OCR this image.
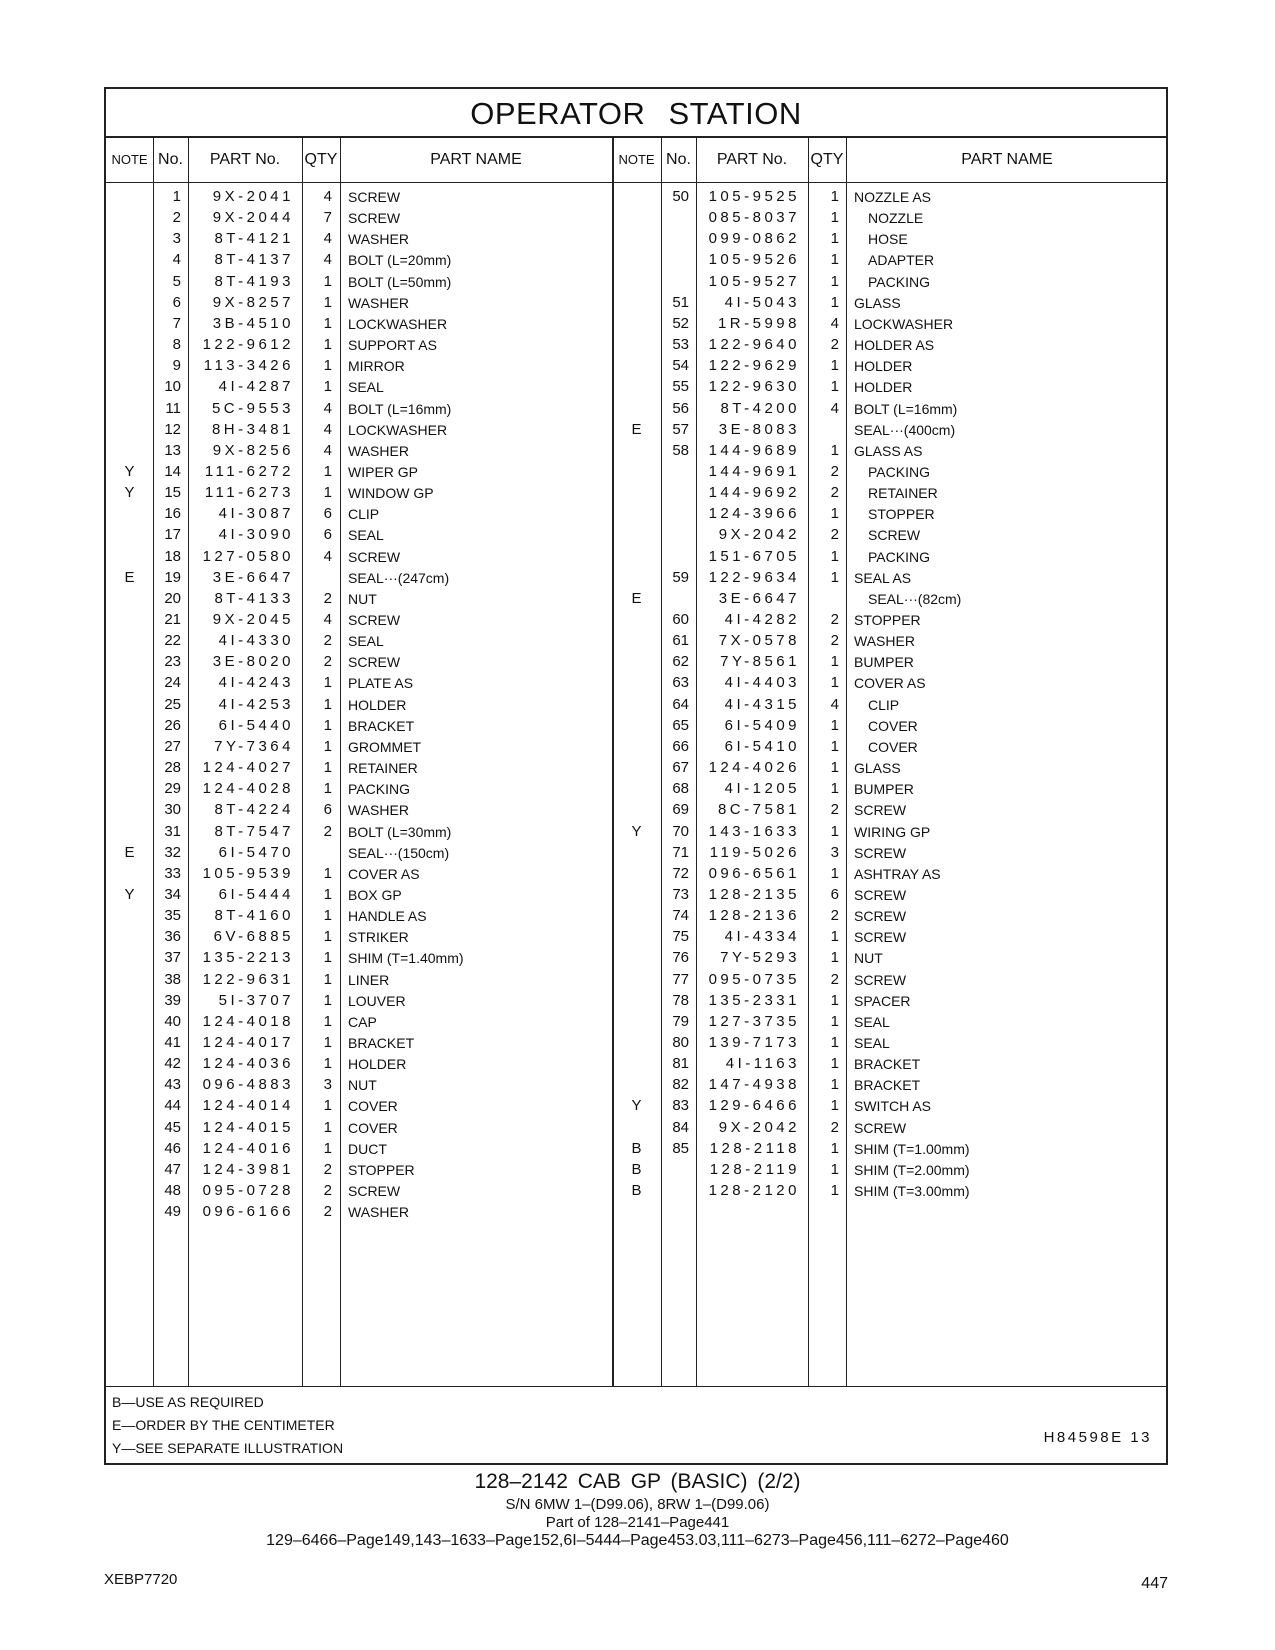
OPERATOR STATION
NOTE No.	PART No.	QTY	PART NAME	NOTE No.	PART No.	QTY	PART NAME
1	9X-2041	4 SCREW
2	9X-2044	7 SCREW
3	8T-4121	4 WASHER
4	8T-4137	4 BOLT (L=20mm)
5	8T-4193	1 BOLT (L=50mm)
6	9X-8257	1 WASHER
7	3B-4510	1 LOCKWASHER
8	122-9612	1 SUPPORT AS
9	113-3426	1 MIRROR
10	4I-4287	1 SEAL
11	5C-9553	4 BOLT (L=16mm)
12	8H-3481	4 LOCKWASHER
13	9X-8256	4 WASHER
Y	14	111-6272	1 WIPER GP
Y	15	111-6273	1 WINDOW GP
16	4I-3087	6 CLIP
17	4I-3090	6 SEAL
18	127-0580	4 SCREW
E	19	3E-6647	SEAL···(247cm)
20	8T-4133	2 NUT
21	9X-2045	4 SCREW
22	4I-4330	2 SEAL
23	3E-8020	2 SCREW
24	4I-4243	1 PLATE AS
25	4I-4253	1 HOLDER
26	6I-5440	1 BRACKET
27	7Y-7364	1 GROMMET
28	124-4027	1 RETAINER
29	124-4028	1 PACKING
30	8T-4224	6 WASHER
31	8T-7547	2 BOLT (L=30mm)
E	32	6I-5470	SEAL···(150cm)
33	105-9539	1 COVER AS
Y	34	6I-5444	1 BOX GP
35	8T-4160	1 HANDLE AS
36	6V-6885	1 STRIKER
37	135-2213	1 SHIM (T=1.40mm)
38	122-9631	1 LINER
39	5I-3707	1 LOUVER
40	124-4018	1 CAP
41	124-4017	1 BRACKET
42	124-4036	1 HOLDER
43	096-4883	3 NUT
44	124-4014	1 COVER
45	124-4015	1 COVER
46	124-4016	1 DUCT
47	124-3981	2 STOPPER
48	095-0728	2 SCREW
49	096-6166	2 WASHER
50	105-9525	1 NOZZLE AS
085-8037	1	NOZZLE
099-0862	1	HOSE
105-9526	1	ADAPTER
105-9527	1	PACKING
51	4I-5043	1 GLASS
52	1R-5998	4 LOCKWASHER
53	122-9640	2 HOLDER AS
54	122-9629	1 HOLDER
55	122-9630	1 HOLDER
56	8T-4200	4 BOLT (L=16mm)
E	57	3E-8083	SEAL···(400cm)
58	144-9689	1 GLASS AS
144-9691	2	PACKING
144-9692	2	RETAINER
124-3966	1	STOPPER
9X-2042	2	SCREW
151-6705	1	PACKING
59	122-9634	1 SEAL AS
E	3E-6647	SEAL···(82cm)
60	4I-4282	2 STOPPER
61	7X-0578	2 WASHER
62	7Y-8561	1 BUMPER
63	4I-4403	1 COVER AS
64	4I-4315	4	CLIP
65	6I-5409	1	COVER
66	6I-5410	1	COVER
67	124-4026	1 GLASS
68	4I-1205	1 BUMPER
69	8C-7581	2 SCREW
Y	70	143-1633	1 WIRING GP
71	119-5026	3 SCREW
72	096-6561	1 ASHTRAY AS
73	128-2135	6 SCREW
74	128-2136	2 SCREW
75	4I-4334	1 SCREW
76	7Y-5293	1 NUT
77	095-0735	2 SCREW
78	135-2331	1 SPACER
79	127-3735	1 SEAL
80	139-7173	1 SEAL
81	4I-1163	1 BRACKET
82	147-4938	1 BRACKET
Y	83	129-6466	1 SWITCH AS
84	9X-2042	2 SCREW
B	85	128-2118	1 SHIM (T=1.00mm)
B	128-2119	1 SHIM (T=2.00mm)
B	128-2120	1 SHIM (T=3.00mm)
B—USE AS REQUIRED
E—ORDER BY THE CENTIMETER
Y—SEE SEPARATE ILLUSTRATION
H84598E 13
128–2142 CAB GP (BASIC) (2/2)
S/N 6MW 1–(D99.06), 8RW 1–(D99.06)
Part of 128–2141–Page441
129–6466–Page149,143–1633–Page152,6I–5444–Page453.03,111–6273–Page456,111–6272–Page460
XEBP7720	447
